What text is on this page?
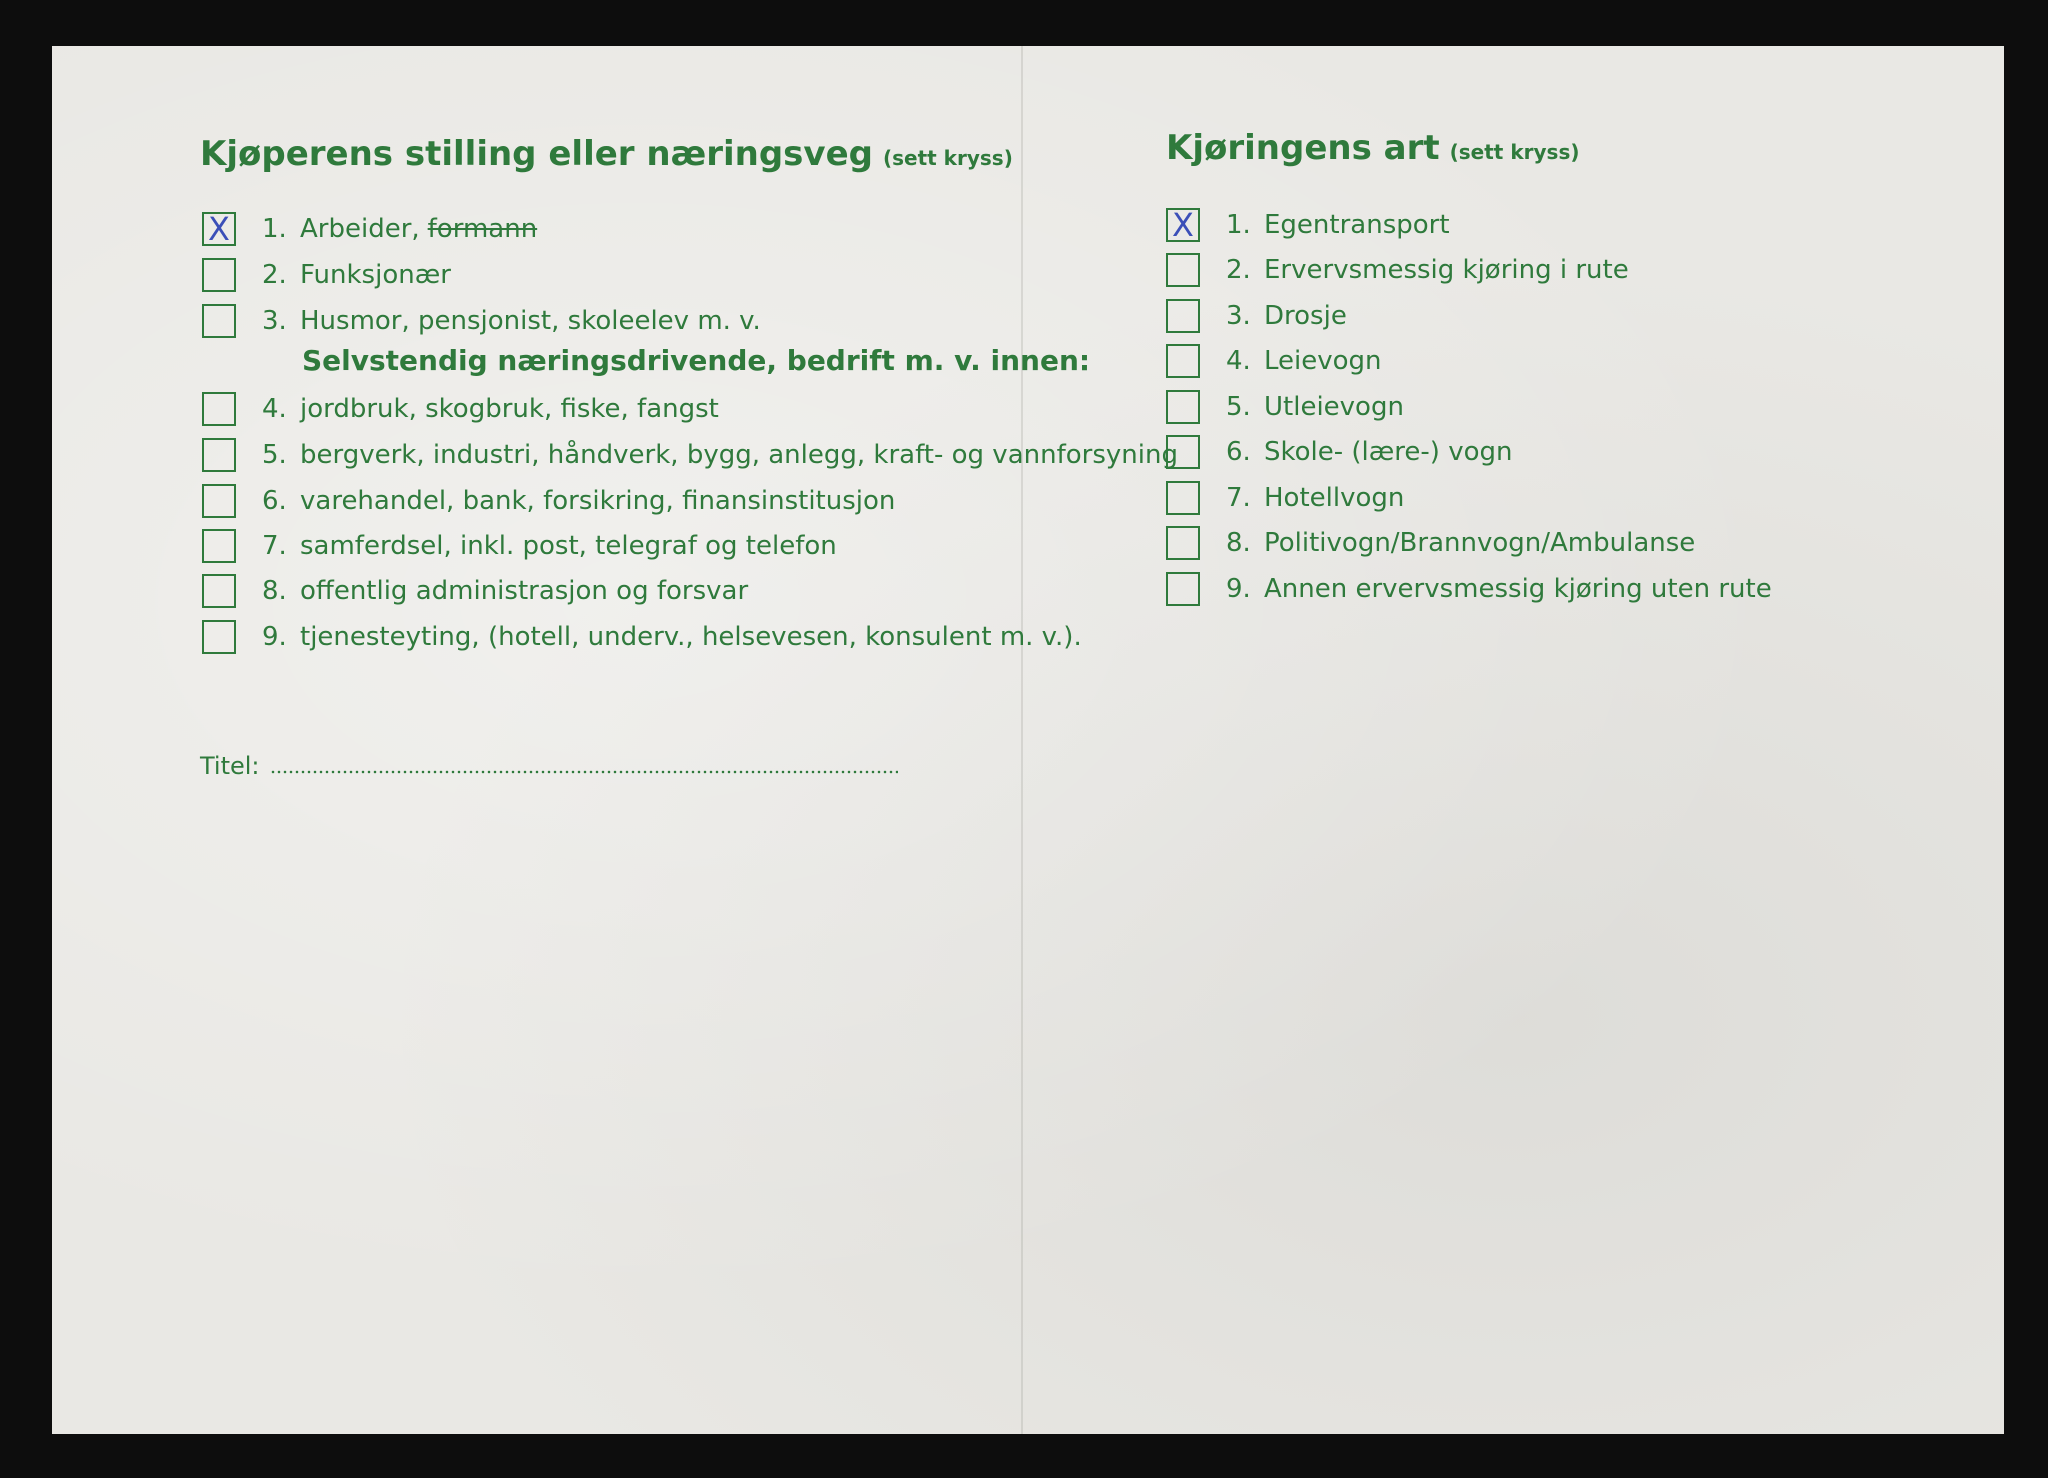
Kjøperens stilling eller næringsveg (sett kryss)
X 1. Arbeider, formann
2. Funksjonær
3. Husmor, pensjonist, skoleelev m. v.
Selvstendig næringsdrivende, bedrift m. v. innen:
4. jordbruk, skogbruk, fiske, fangst
5. bergverk, industri, håndverk, bygg, anlegg, kraft- og vannforsyning
6. varehandel, bank, forsikring, finansinstitusjon
7. samferdsel, inkl. post, telegraf og telefon
8. offentlig administrasjon og forsvar
9. tjenesteyting, (hotell, underv., helsevesen, konsulent m. v.).
Titel:
Kjøringens art (sett kryss)
X 1. Egentransport
2. Ervervsmessig kjøring i rute
3. Drosje
4. Leievogn
5. Utleievogn
6. Skole- (lære-) vogn
7. Hotellvogn
8. Politivogn/Brannvogn/Ambulanse
9. Annen ervervsmessig kjøring uten rute
